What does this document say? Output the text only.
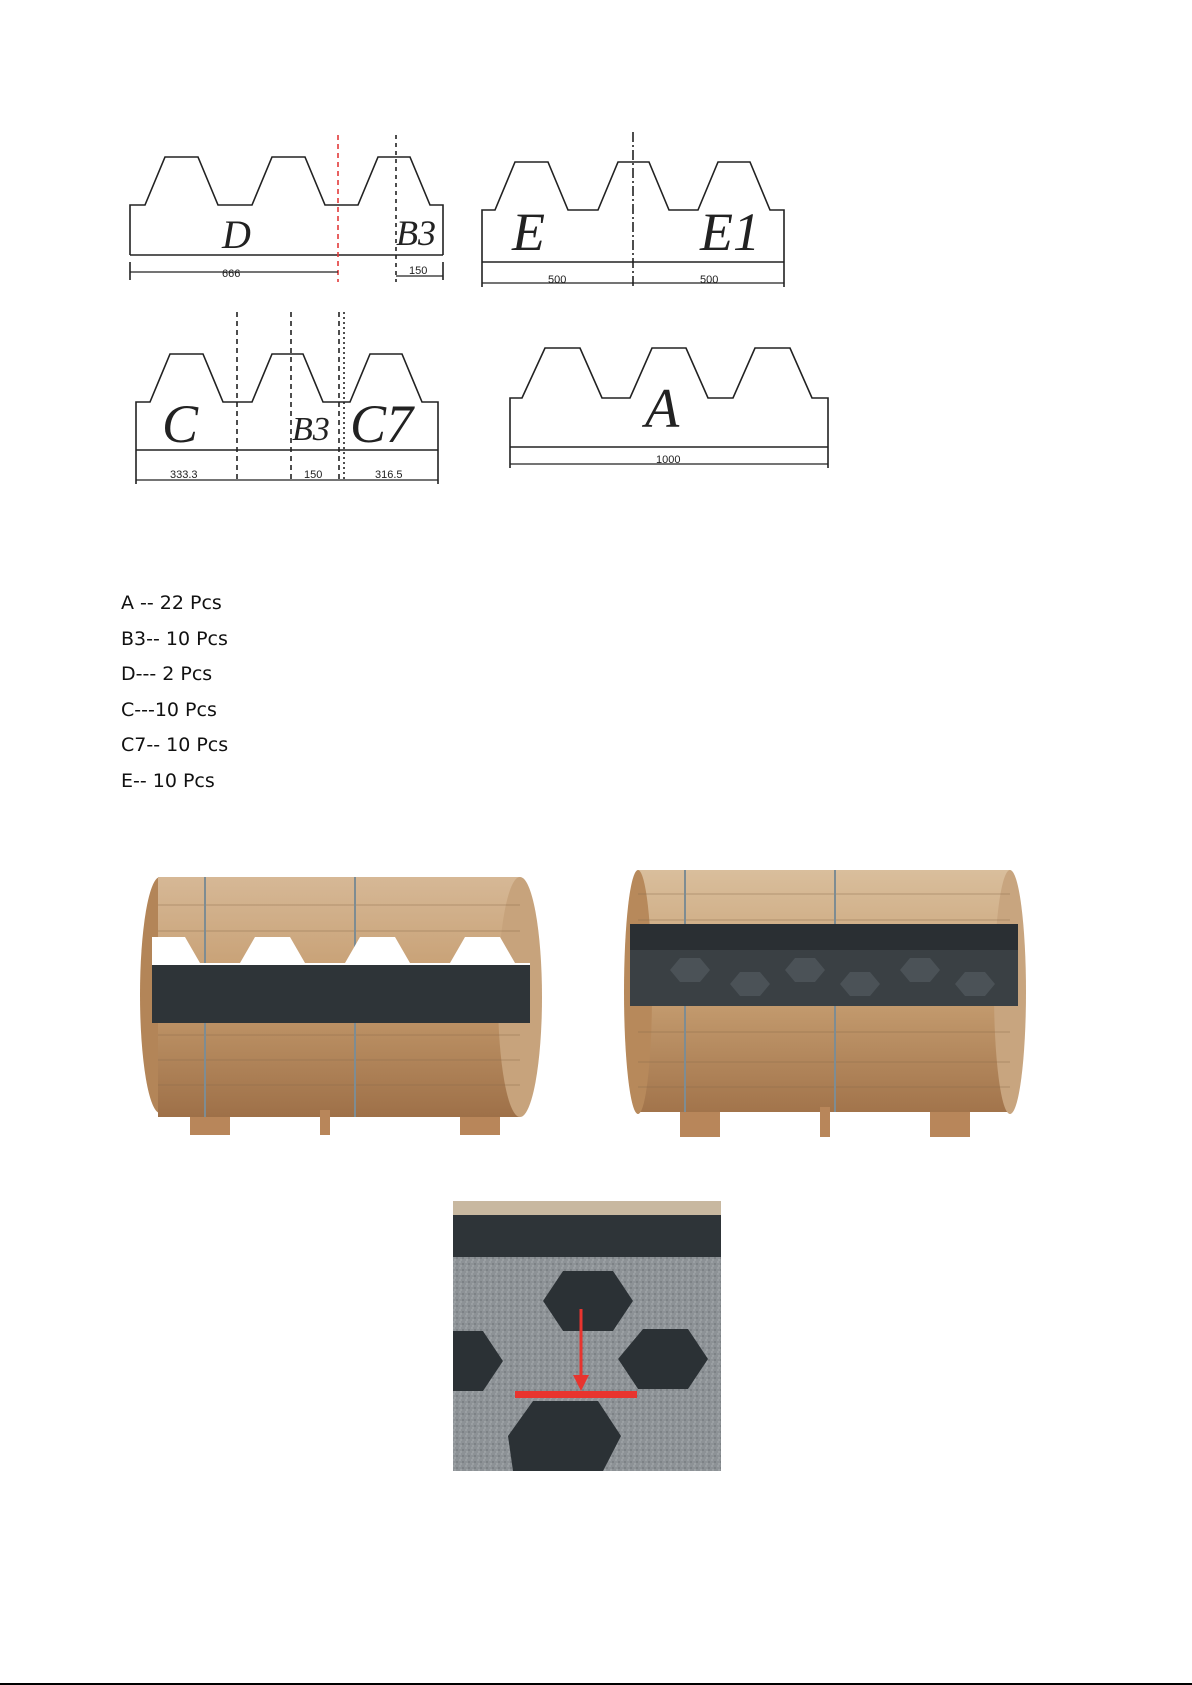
D	B3
666	150
E	E1
500	500
C	B3 C7
333.3	150	316.5
A
1000
A -- 22 Pcs
B3-- 10 Pcs
D--- 2 Pcs
C---10 Pcs
C7-- 10 Pcs
E-- 10 Pcs
